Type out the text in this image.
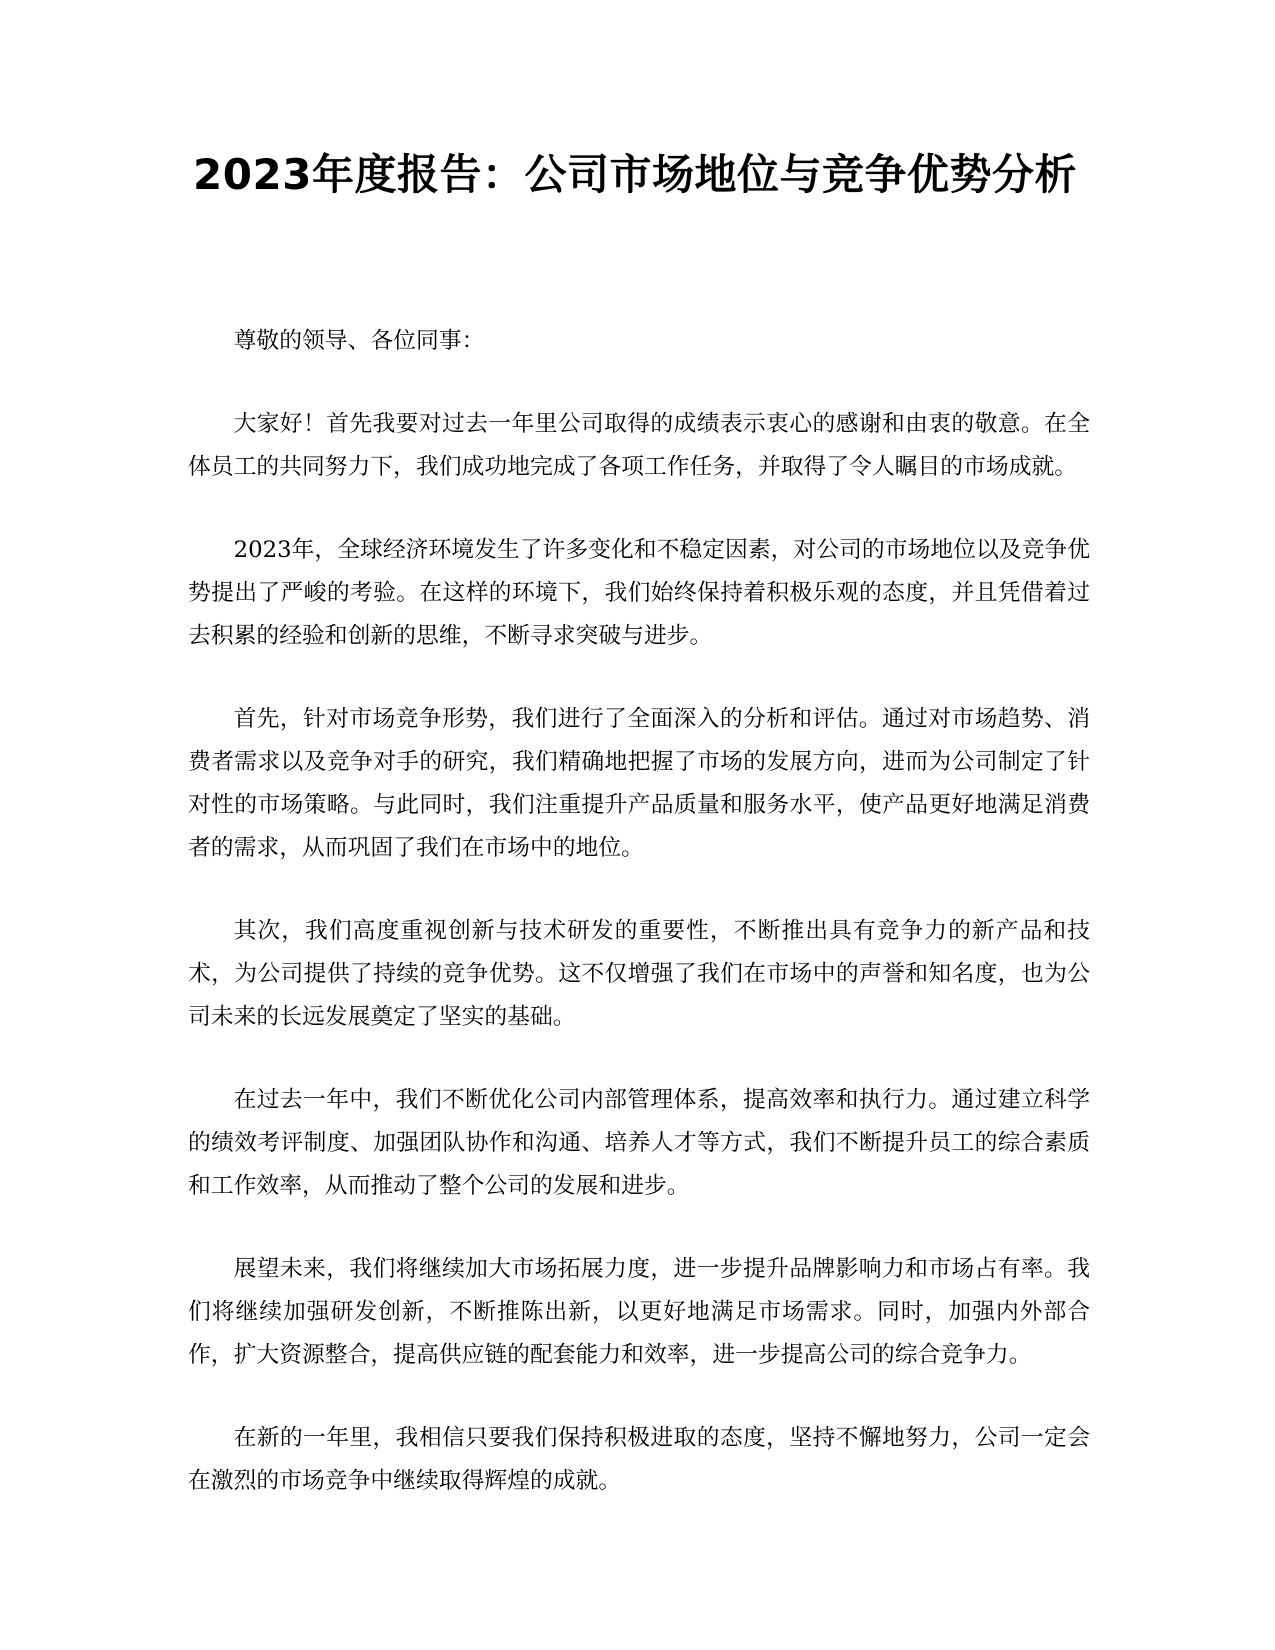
2023年度报告：公司市场地位与竞争优势分析

尊敬的领导、各位同事：

大家好！首先我要对过去一年里公司取得的成绩表示衷心的感谢和由衷的敬意。在全体员工的共同努力下，我们成功地完成了各项工作任务，并取得了令人瞩目的市场成就。

2023年，全球经济环境发生了许多变化和不稳定因素，对公司的市场地位以及竞争优势提出了严峻的考验。在这样的环境下，我们始终保持着积极乐观的态度，并且凭借着过去积累的经验和创新的思维，不断寻求突破与进步。

首先，针对市场竞争形势，我们进行了全面深入的分析和评估。通过对市场趋势、消费者需求以及竞争对手的研究，我们精确地把握了市场的发展方向，进而为公司制定了针对性的市场策略。与此同时，我们注重提升产品质量和服务水平，使产品更好地满足消费者的需求，从而巩固了我们在市场中的地位。

其次，我们高度重视创新与技术研发的重要性，不断推出具有竞争力的新产品和技术，为公司提供了持续的竞争优势。这不仅增强了我们在市场中的声誉和知名度，也为公司未来的长远发展奠定了坚实的基础。

在过去一年中，我们不断优化公司内部管理体系，提高效率和执行力。通过建立科学的绩效考评制度、加强团队协作和沟通、培养人才等方式，我们不断提升员工的综合素质和工作效率，从而推动了整个公司的发展和进步。

展望未来，我们将继续加大市场拓展力度，进一步提升品牌影响力和市场占有率。我们将继续加强研发创新，不断推陈出新，以更好地满足市场需求。同时，加强内外部合作，扩大资源整合，提高供应链的配套能力和效率，进一步提高公司的综合竞争力。

在新的一年里，我相信只要我们保持积极进取的态度，坚持不懈地努力，公司一定会在激烈的市场竞争中继续取得辉煌的成就。
